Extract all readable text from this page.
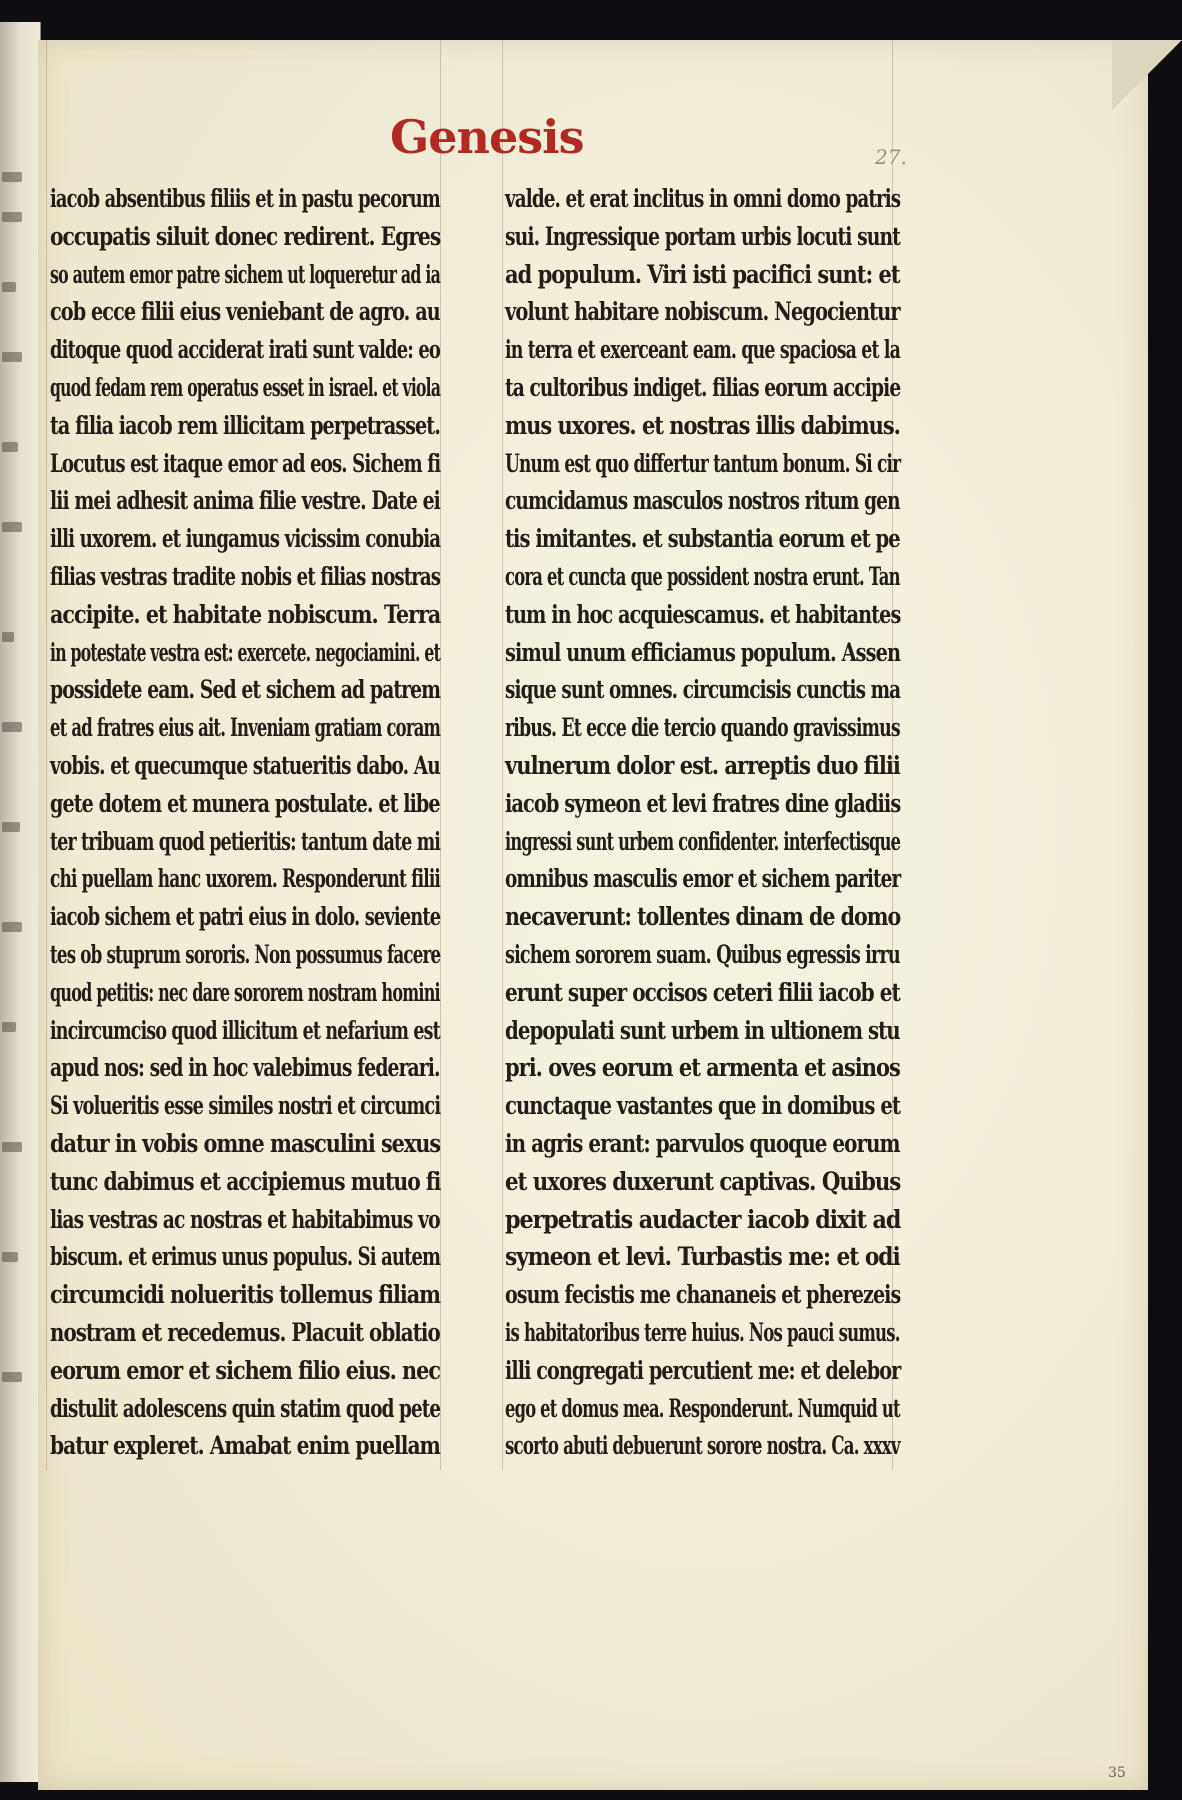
Genesis	27.
35
iacob absentibus filiis et in pastu pecorum
occupatis siluit donec redirent. Egres
so autem emor patre sichem ut loqueretur ad ia
cob ecce filii eius veniebant de agro. au
ditoque quod acciderat irati sunt valde: eo
quod fedam rem operatus esset in israel. et viola
ta filia iacob rem illicitam perpetrasset.
Locutus est itaque emor ad eos. Sichem fi
lii mei adhesit anima filie vestre. Date ei
illi uxorem. et iungamus vicissim conubia
filias vestras tradite nobis et filias nostras
accipite. et habitate nobiscum. Terra
in potestate vestra est: exercete. negociamini. et
possidete eam. Sed et sichem ad patrem
et ad fratres eius ait. Inveniam gratiam coram
vobis. et quecumque statueritis dabo. Au
gete dotem et munera postulate. et libe
ter tribuam quod petieritis: tantum date mi
chi puellam hanc uxorem. Responderunt filii
iacob sichem et patri eius in dolo. seviente
tes ob stuprum sororis. Non possumus facere
quod petitis: nec dare sororem nostram homini
incircumciso quod illicitum et nefarium est
apud nos: sed in hoc valebimus federari.
Si volueritis esse similes nostri et circumci
datur in vobis omne masculini sexus
tunc dabimus et accipiemus mutuo fi
lias vestras ac nostras et habitabimus vo
biscum. et erimus unus populus. Si autem
circumcidi nolueritis tollemus filiam
nostram et recedemus. Placuit oblatio
eorum emor et sichem filio eius. nec
distulit adolescens quin statim quod pete
batur expleret. Amabat enim puellam
valde. et erat inclitus in omni domo patris
sui. Ingressique portam urbis locuti sunt
ad populum. Viri isti pacifici sunt: et
volunt habitare nobiscum. Negocientur
in terra et exerceant eam. que spaciosa et la
ta cultoribus indiget. filias eorum accipie
mus uxores. et nostras illis dabimus.
Unum est quo differtur tantum bonum. Si cir
cumcidamus masculos nostros ritum gen
tis imitantes. et substantia eorum et pe
cora et cuncta que possident nostra erunt. Tan
tum in hoc acquiescamus. et habitantes
simul unum efficiamus populum. Assen
sique sunt omnes. circumcisis cunctis ma
ribus. Et ecce die tercio quando gravissimus
vulnerum dolor est. arreptis duo filii
iacob symeon et levi fratres dine gladiis
ingressi sunt urbem confidenter. interfectisque
omnibus masculis emor et sichem pariter
necaverunt: tollentes dinam de domo
sichem sororem suam. Quibus egressis irru
erunt super occisos ceteri filii iacob et
depopulati sunt urbem in ultionem stu
pri. oves eorum et armenta et asinos
cunctaque vastantes que in domibus et
in agris erant: parvulos quoque eorum
et uxores duxerunt captivas. Quibus
perpetratis audacter iacob dixit ad
symeon et levi. Turbastis me: et odi
osum fecistis me chananeis et pherezeis
is habitatoribus terre huius. Nos pauci sumus.
illi congregati percutient me: et delebor
ego et domus mea. Responderunt. Numquid ut
scorto abuti debuerunt sorore nostra. Ca. xxxv
